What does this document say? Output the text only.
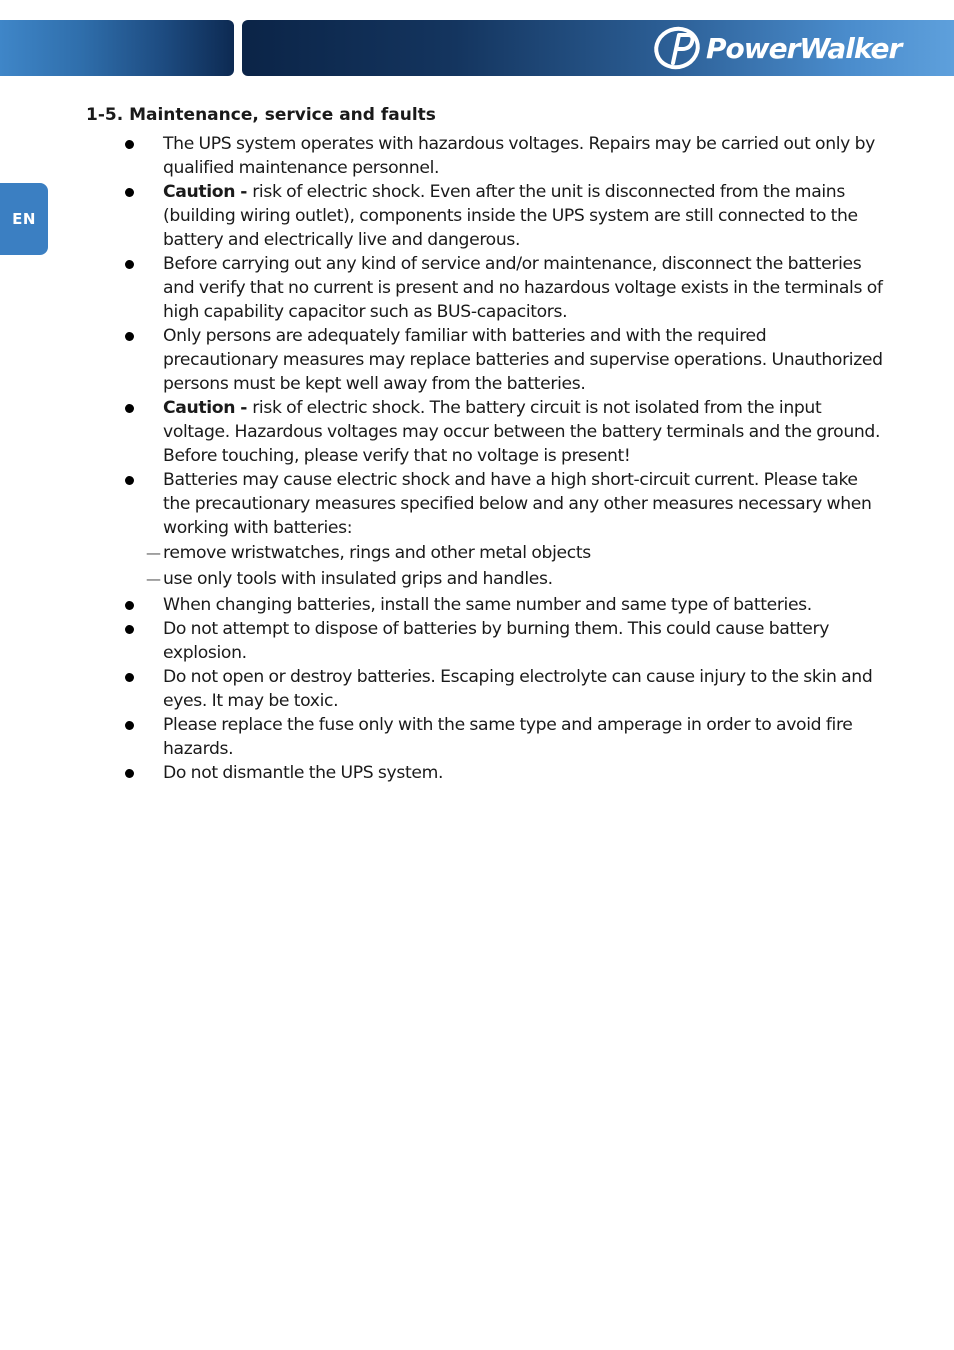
PowerWalker
EN
1-5. Maintenance, service and faults
The UPS system operates with hazardous voltages. Repairs may be carried out only by qualified maintenance personnel.
Caution - risk of electric shock. Even after the unit is disconnected from the mains (building wiring outlet), components inside the UPS system are still connected to the battery and electrically live and dangerous.
Before carrying out any kind of service and/or maintenance, disconnect the batteries and verify that no current is present and no hazardous voltage exists in the terminals of high capability capacitor such as BUS-capacitors.
Only persons are adequately familiar with batteries and with the required precautionary measures may replace batteries and supervise operations. Unauthorized persons must be kept well away from the batteries.
Caution - risk of electric shock. The battery circuit is not isolated from the input voltage. Hazardous voltages may occur between the battery terminals and the ground. Before touching, please verify that no voltage is present!
Batteries may cause electric shock and have a high short-circuit current. Please take the precautionary measures specified below and any other measures necessary when working with batteries:
— remove wristwatches, rings and other metal objects
— use only tools with insulated grips and handles.
When changing batteries, install the same number and same type of batteries.
Do not attempt to dispose of batteries by burning them. This could cause battery explosion.
Do not open or destroy batteries. Escaping electrolyte can cause injury to the skin and eyes. It may be toxic.
Please replace the fuse only with the same type and amperage in order to avoid fire hazards.
Do not dismantle the UPS system.
